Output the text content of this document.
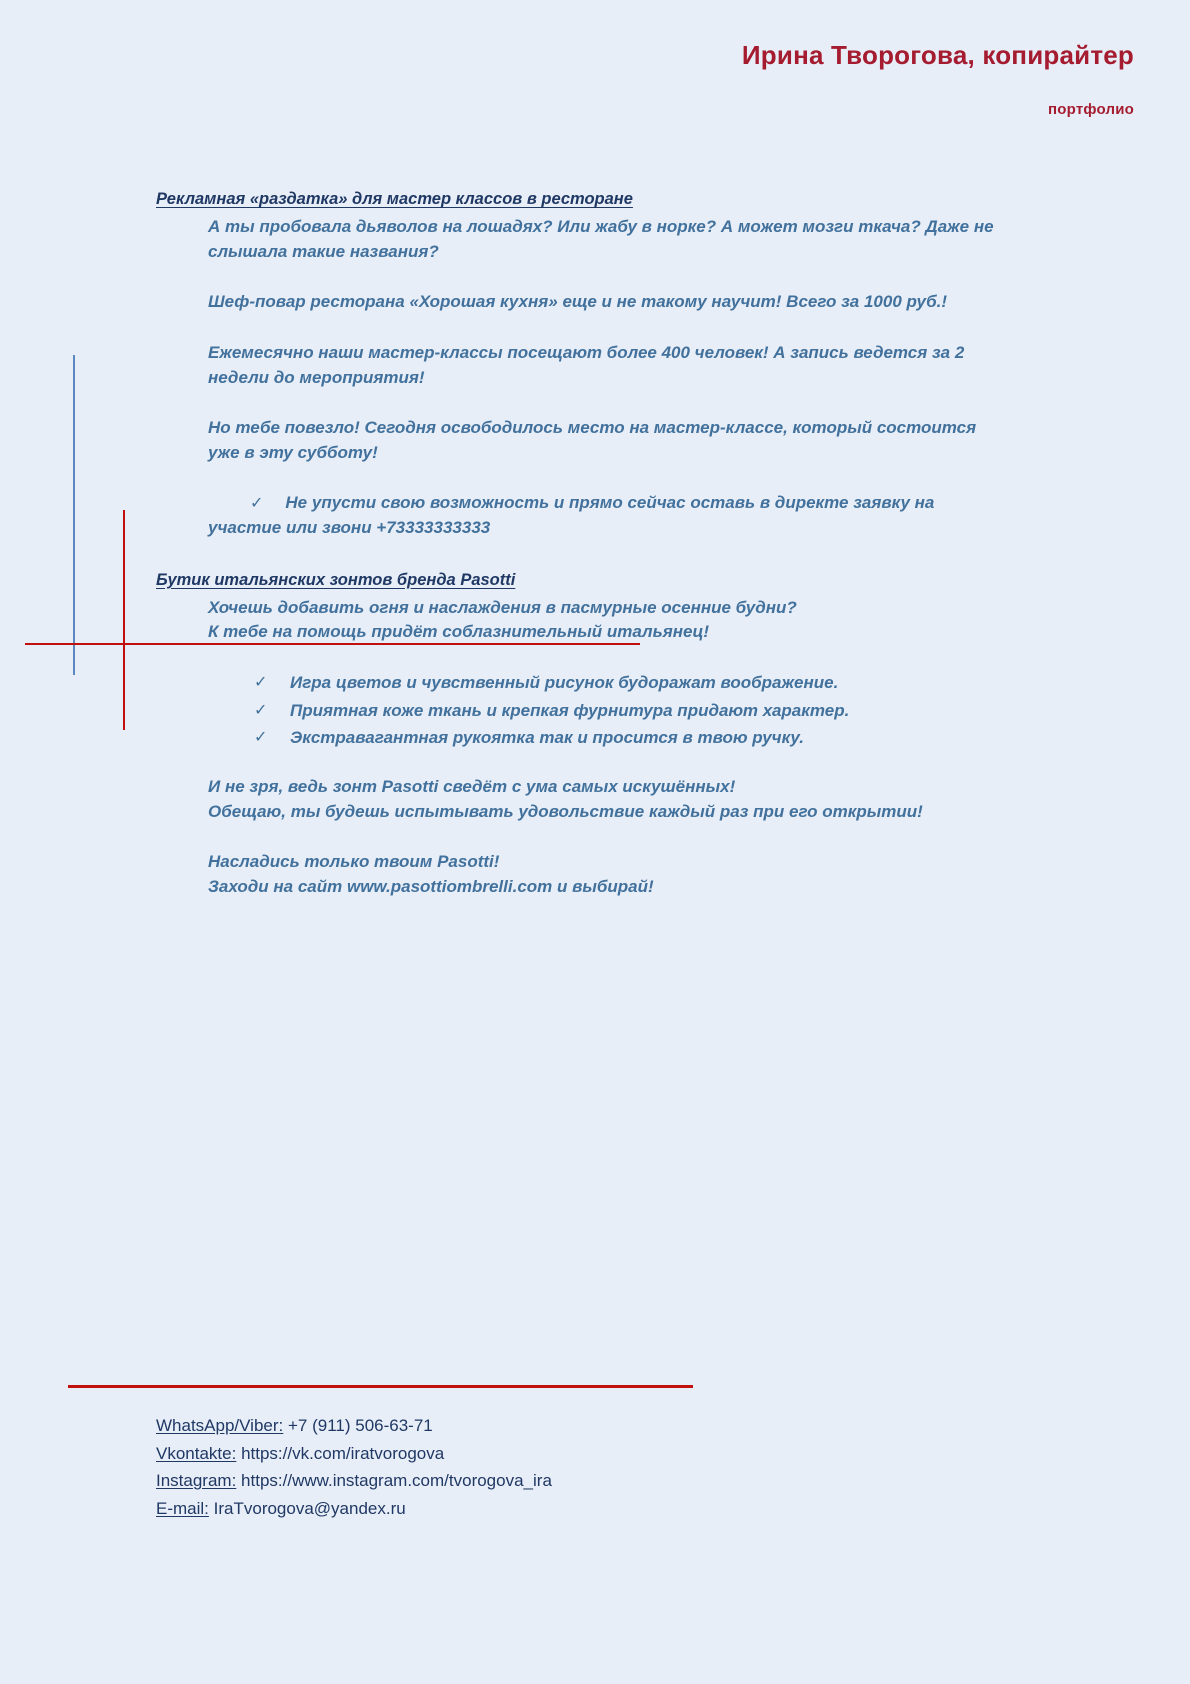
Ирина Творогова, копирайтер
портфолио
Рекламная «раздатка» для мастер классов в ресторане

А ты пробовала дьяволов на лошадях? Или жабу в норке? А может мозги ткача? Даже не слышала такие названия?

Шеф-повар ресторана «Хорошая кухня» еще и не такому научит! Всего за 1000 руб.!

Ежемесячно наши мастер-классы посещают более 400 человек! А запись ведется за 2 недели до мероприятия!

Но тебе повезло! Сегодня освободилось место на мастер-классе, который состоится уже в эту субботу!

✓ Не упусти свою возможность и прямо сейчас оставь в директе заявку на участие или звони +73333333333

Бутик итальянских зонтов бренда Pasotti

Хочешь добавить огня и наслаждения в пасмурные осенние будни?
К тебе на помощь придёт соблазнительный итальянец!

✓ Игра цветов и чувственный рисунок будоражат воображение.
✓ Приятная коже ткань и крепкая фурнитура придают характер.
✓ Экстравагантная рукоятка так и просится в твою ручку.

И не зря, ведь зонт Pasotti сведёт с ума самых искушённых!
Обещаю, ты будешь испытывать удовольствие каждый раз при его открытии!

Насладись только твоим Pasotti!
Заходи на сайт www.pasottiombrelli.com и выбирай!

WhatsApp/Viber: +7 (911) 506-63-71
Vkontakte: https://vk.com/iratvorogova
Instagram: https://www.instagram.com/tvorogova_ira
E-mail: IraTvorogova@yandex.ru
